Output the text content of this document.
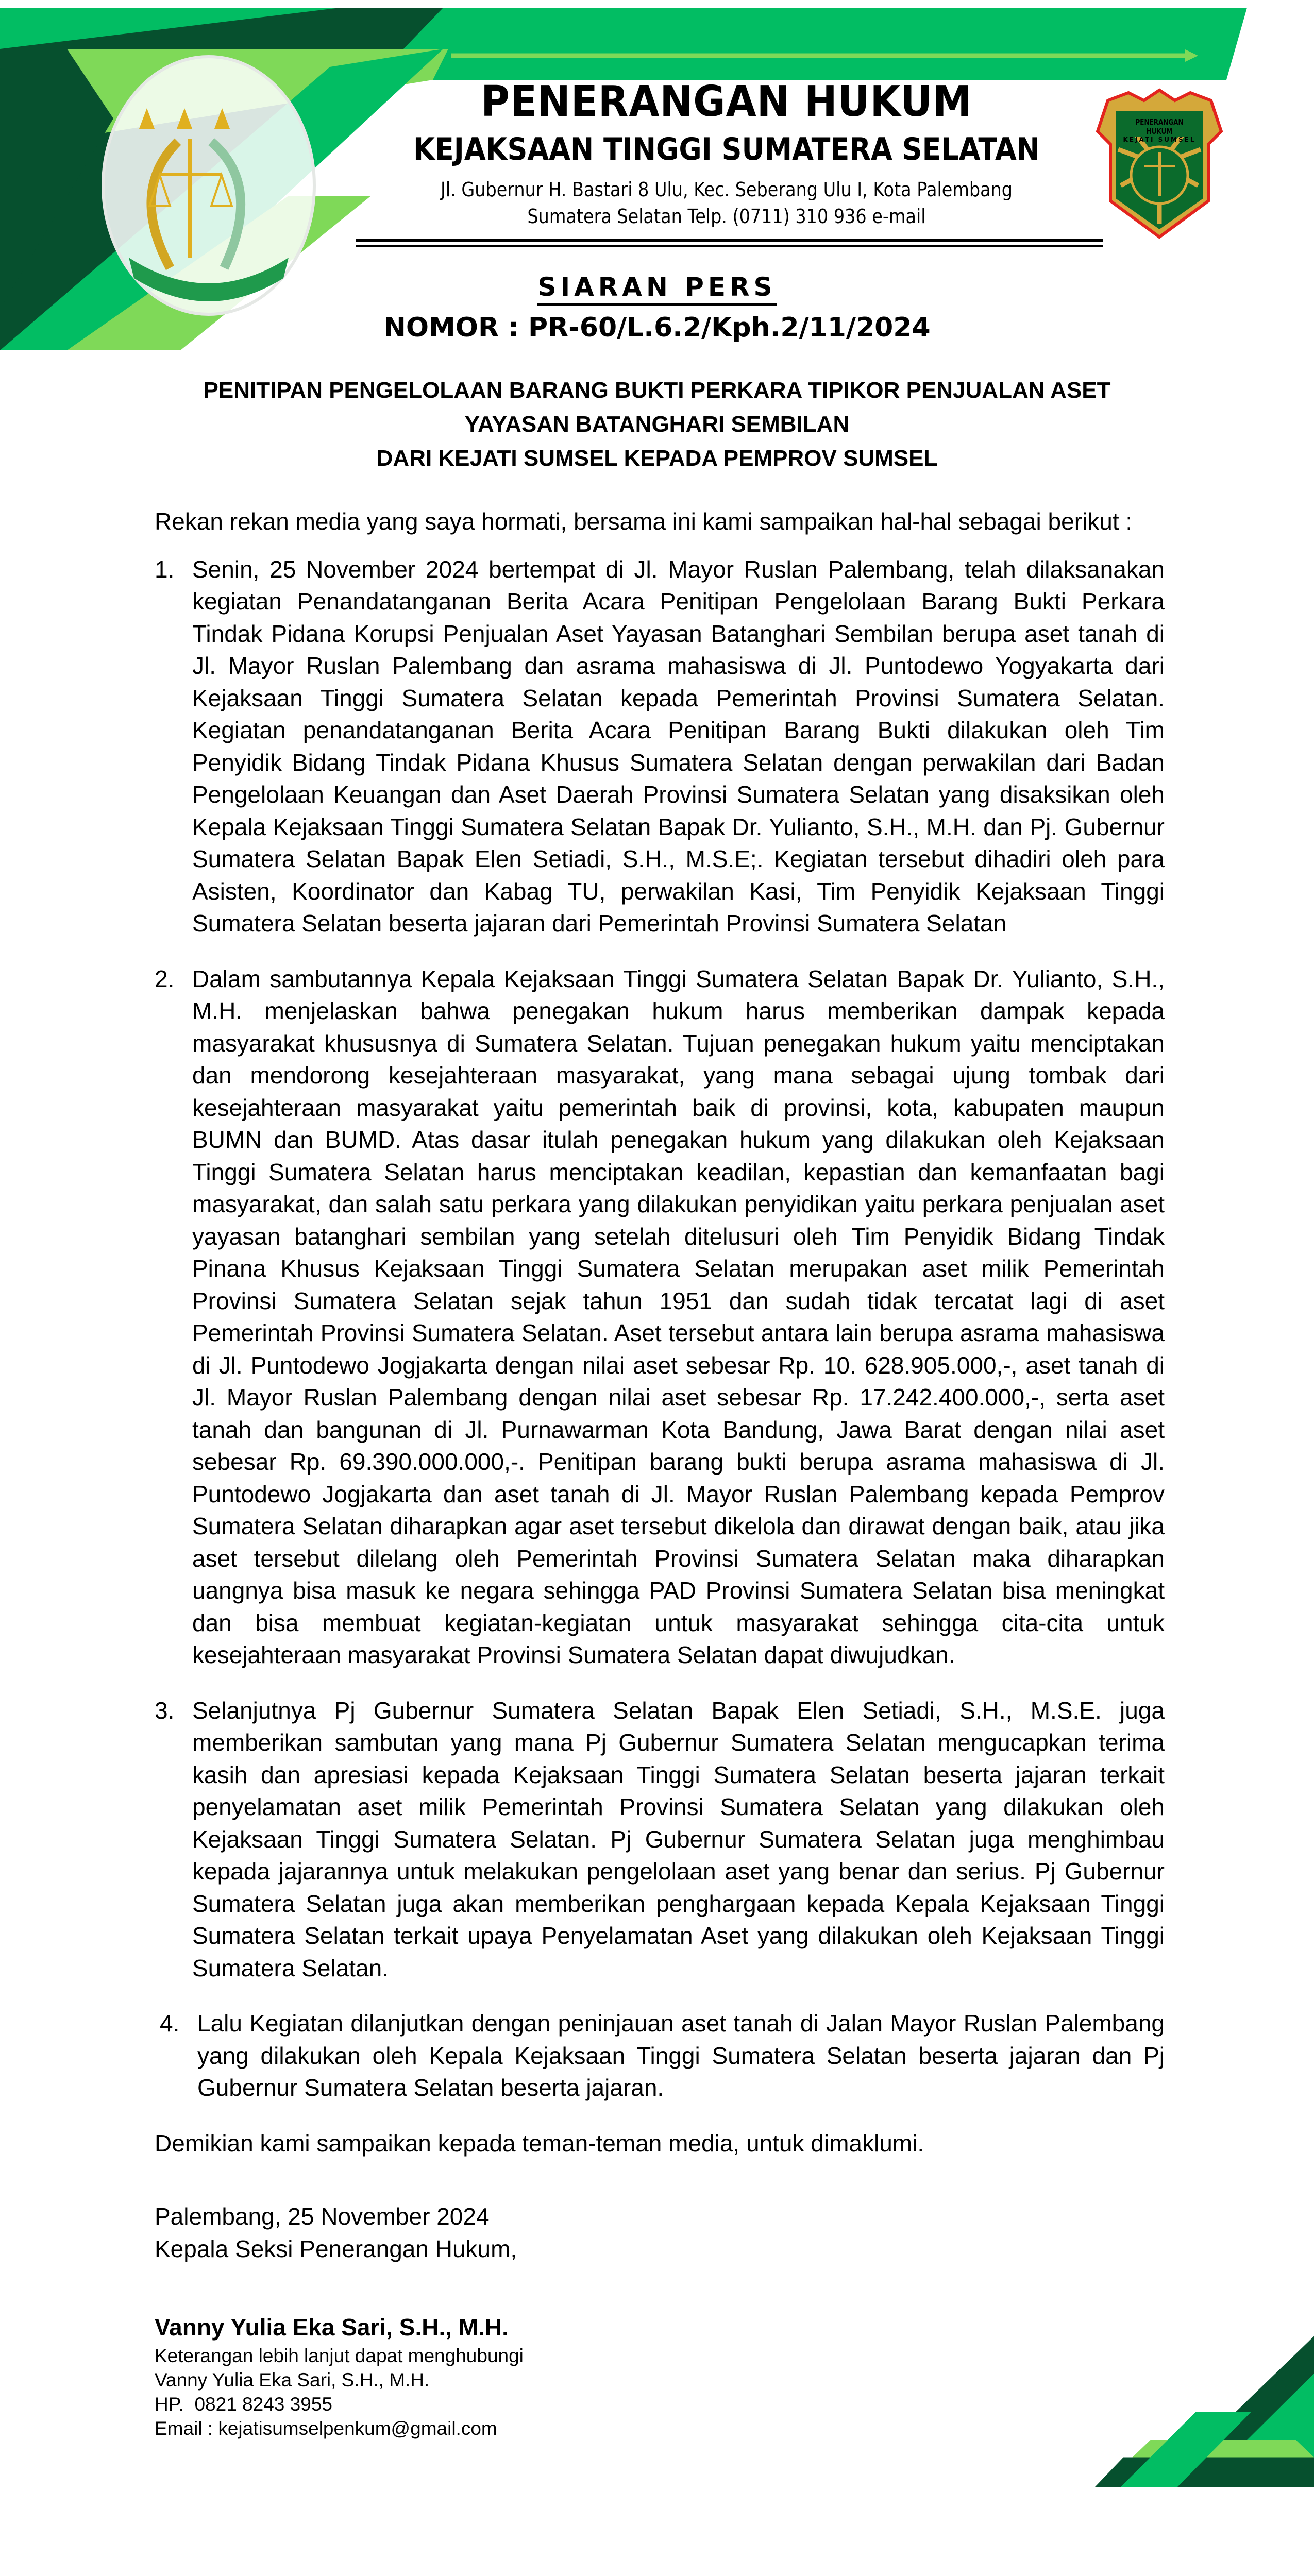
PENERANGAN HUKUM
KEJAKSAAN TINGGI SUMATERA SELATAN
Jl. Gubernur H. Bastari 8 Ulu, Kec. Seberang Ulu I, Kota Palembang
Sumatera Selatan Telp. (0711) 310 936 e-mail
PENERANGAN HUKUM
KEJATI SUMSEL
SIARAN PERS
NOMOR : PR-60/L.6.2/Kph.2/11/2024
PENITIPAN PENGELOLAAN BARANG BUKTI PERKARA TIPIKOR PENJUALAN ASET
YAYASAN BATANGHARI SEMBILAN
DARI KEJATI SUMSEL KEPADA PEMPROV SUMSEL
Rekan rekan media yang saya hormati, bersama ini kami sampaikan hal-hal sebagai berikut :
1. Senin, 25 November 2024 bertempat di Jl. Mayor Ruslan Palembang, telah dilaksanakan kegiatan Penandatanganan Berita Acara Penitipan Pengelolaan Barang Bukti Perkara Tindak Pidana Korupsi Penjualan Aset Yayasan Batanghari Sembilan berupa aset tanah di Jl. Mayor Ruslan Palembang dan asrama mahasiswa di Jl. Puntodewo Yogyakarta dari Kejaksaan Tinggi Sumatera Selatan kepada Pemerintah Provinsi Sumatera Selatan. Kegiatan penandatanganan Berita Acara Penitipan Barang Bukti dilakukan oleh Tim Penyidik Bidang Tindak Pidana Khusus Sumatera Selatan dengan perwakilan dari Badan Pengelolaan Keuangan dan Aset Daerah Provinsi Sumatera Selatan yang disaksikan oleh Kepala Kejaksaan Tinggi Sumatera Selatan Bapak Dr. Yulianto, S.H., M.H. dan Pj. Gubernur Sumatera Selatan Bapak Elen Setiadi, S.H., M.S.E;. Kegiatan tersebut dihadiri oleh para Asisten, Koordinator dan Kabag TU, perwakilan Kasi, Tim Penyidik Kejaksaan Tinggi Sumatera Selatan beserta jajaran dari Pemerintah Provinsi Sumatera Selatan
2. Dalam sambutannya Kepala Kejaksaan Tinggi Sumatera Selatan Bapak Dr. Yulianto, S.H., M.H. menjelaskan bahwa penegakan hukum harus memberikan dampak kepada masyarakat khususnya di Sumatera Selatan. Tujuan penegakan hukum yaitu menciptakan dan mendorong kesejahteraan masyarakat, yang mana sebagai ujung tombak dari kesejahteraan masyarakat yaitu pemerintah baik di provinsi, kota, kabupaten maupun BUMN dan BUMD. Atas dasar itulah penegakan hukum yang dilakukan oleh Kejaksaan Tinggi Sumatera Selatan harus menciptakan keadilan, kepastian dan kemanfaatan bagi masyarakat, dan salah satu perkara yang dilakukan penyidikan yaitu perkara penjualan aset yayasan batanghari sembilan yang setelah ditelusuri oleh Tim Penyidik Bidang Tindak Pinana Khusus Kejaksaan Tinggi Sumatera Selatan merupakan aset milik Pemerintah Provinsi Sumatera Selatan sejak tahun 1951 dan sudah tidak tercatat lagi di aset Pemerintah Provinsi Sumatera Selatan. Aset tersebut antara lain berupa asrama mahasiswa di Jl. Puntodewo Jogjakarta dengan nilai aset sebesar Rp. 10. 628.905.000,-, aset tanah di Jl. Mayor Ruslan Palembang dengan nilai aset sebesar Rp. 17.242.400.000,-, serta aset tanah dan bangunan di Jl. Purnawarman Kota Bandung, Jawa Barat dengan nilai aset sebesar Rp. 69.390.000.000,-. Penitipan barang bukti berupa asrama mahasiswa di Jl. Puntodewo Jogjakarta dan aset tanah di Jl. Mayor Ruslan Palembang kepada Pemprov Sumatera Selatan diharapkan agar aset tersebut dikelola dan dirawat dengan baik, atau jika aset tersebut dilelang oleh Pemerintah Provinsi Sumatera Selatan maka diharapkan uangnya bisa masuk ke negara sehingga PAD Provinsi Sumatera Selatan bisa meningkat dan bisa membuat kegiatan-kegiatan untuk masyarakat sehingga cita-cita untuk kesejahteraan masyarakat Provinsi Sumatera Selatan dapat diwujudkan.
3. Selanjutnya Pj Gubernur Sumatera Selatan Bapak Elen Setiadi, S.H., M.S.E. juga memberikan sambutan yang mana Pj Gubernur Sumatera Selatan mengucapkan terima kasih dan apresiasi kepada Kejaksaan Tinggi Sumatera Selatan beserta jajaran terkait penyelamatan aset milik Pemerintah Provinsi Sumatera Selatan yang dilakukan oleh Kejaksaan Tinggi Sumatera Selatan. Pj Gubernur Sumatera Selatan juga menghimbau kepada jajarannya untuk melakukan pengelolaan aset yang benar dan serius. Pj Gubernur Sumatera Selatan juga akan memberikan penghargaan kepada Kepala Kejaksaan Tinggi Sumatera Selatan terkait upaya Penyelamatan Aset yang dilakukan oleh Kejaksaan Tinggi Sumatera Selatan.
4. Lalu Kegiatan dilanjutkan dengan peninjauan aset tanah di Jalan Mayor Ruslan Palembang yang dilakukan oleh Kepala Kejaksaan Tinggi Sumatera Selatan beserta jajaran dan Pj Gubernur Sumatera Selatan beserta jajaran.
Demikian kami sampaikan kepada teman-teman media, untuk dimaklumi.
Palembang, 25 November 2024
Kepala Seksi Penerangan Hukum,
Vanny Yulia Eka Sari, S.H., M.H.
Keterangan lebih lanjut dapat menghubungi
Vanny Yulia Eka Sari, S.H., M.H.
HP.  0821 8243 3955
Email : kejatisumselpenkum@gmail.com
